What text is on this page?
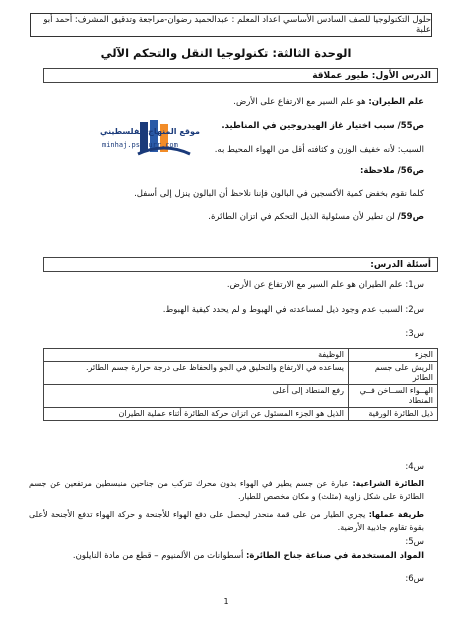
حلول التكنولوجيا للصف السادس الأساسي اعداد المعلم : عبدالحميد رضوان-مراجعة وتدقيق المشرف: أحمد أبو علبة
الوحدة الثالثة: تكنولوجيا النقل والتحكم الآلي
الدرس الأول: طيور عملاقة
علم الطيران: هو علم السير مع الارتفاع على الأرض.
ص55/ سبب اختيار غاز الهيدروجين في المناطيد.
السبب: لأنه خفيف الوزن و كثافته أقل من الهواء المحيط به.
ص56/ ملاحظة:
كلما نقوم بخفض كمية الأكسجين في البالون فإننا نلاحظ أن البالون ينزل إلى أسفل.
ص59/ لن تطير لأن مسئولية الذيل التحكم في اتزان الطائرة.
موقع المنهاج الفلسطيني
minhaj.pslcurr.com
أسئلة الدرس:
س1: علم الطيران هو علم السير مع الارتفاع عن الأرض.
س2: السبب عدم وجود ذيل لمساعدته في الهبوط و لم يحدد كيفية الهبوط.
س3:
الجزء	الوظيفة
الريش على جسم الطائر	يساعده في الارتفاع والتحليق في الجو والحفاظ على درجة حرارة جسم الطائر.
الهــواء الســاخن فــي المنطاد	رفع المنطاد إلى أعلى
ذيل الطائرة الورقية	الذيل هو الجزء المسئول عن اتزان حركة الطائرة أثناء عملية الطيران
س4:
الطائرة الشراعية: عبارة عن جسم يطير في الهواء بدون محرك تتركب من جناحين منبسطين مرتفعين عن جسم الطائرة على شكل زاوية (مثلث) و مكان مخصص للطيار.
طريقة عملها: يجري الطيار من على قمة منحدر ليحصل على دفع الهواء للأجنحة و حركة الهواء تدفع الأجنحة لأعلى بقوة تقاوم جاذبية الأرضية.
س5:
المواد المستخدمة في صناعة جناح الطائرة: أسطوانات من الألمنيوم – قطع من مادة النايلون.
س6:
1
